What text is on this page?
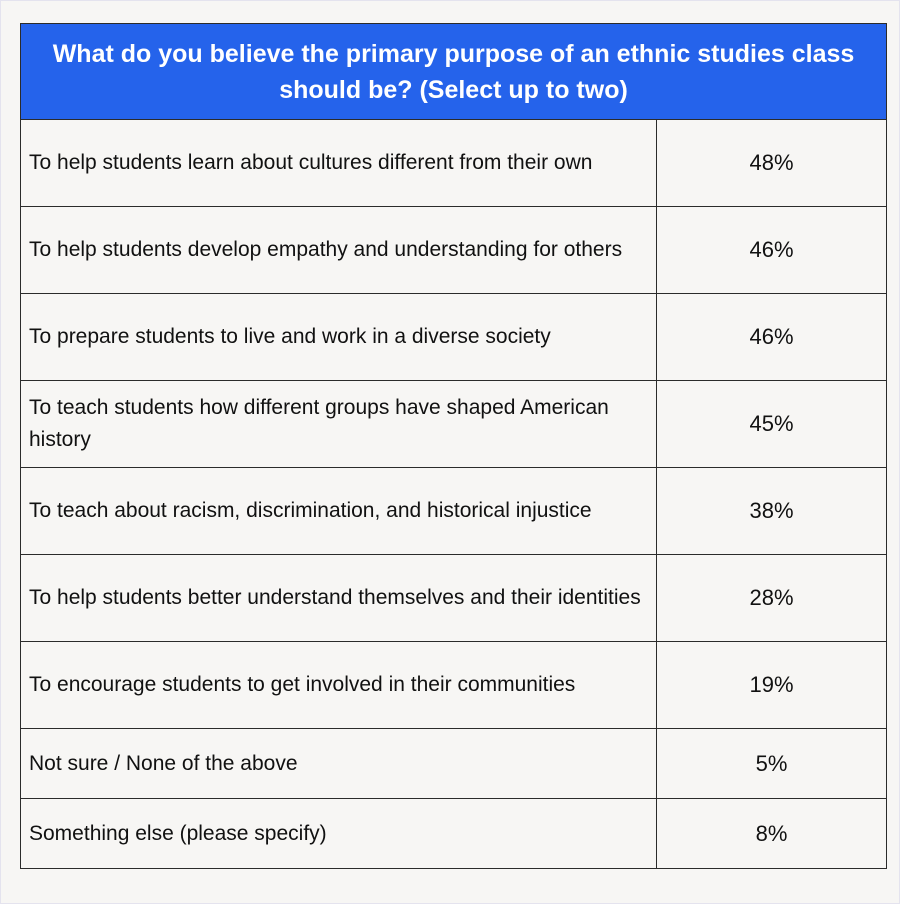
What do you believe the primary purpose of an ethnic studies class should be? (Select up to two)	
To help students learn about cultures different from their own	48%
To help students develop empathy and understanding for others	46%
To prepare students to live and work in a diverse society	46%
To teach students how different groups have shaped American history	45%
To teach about racism, discrimination, and historical injustice	38%
To help students better understand themselves and their identities	28%
To encourage students to get involved in their communities	19%
Not sure / None of the above	5%
Something else (please specify)	8%
